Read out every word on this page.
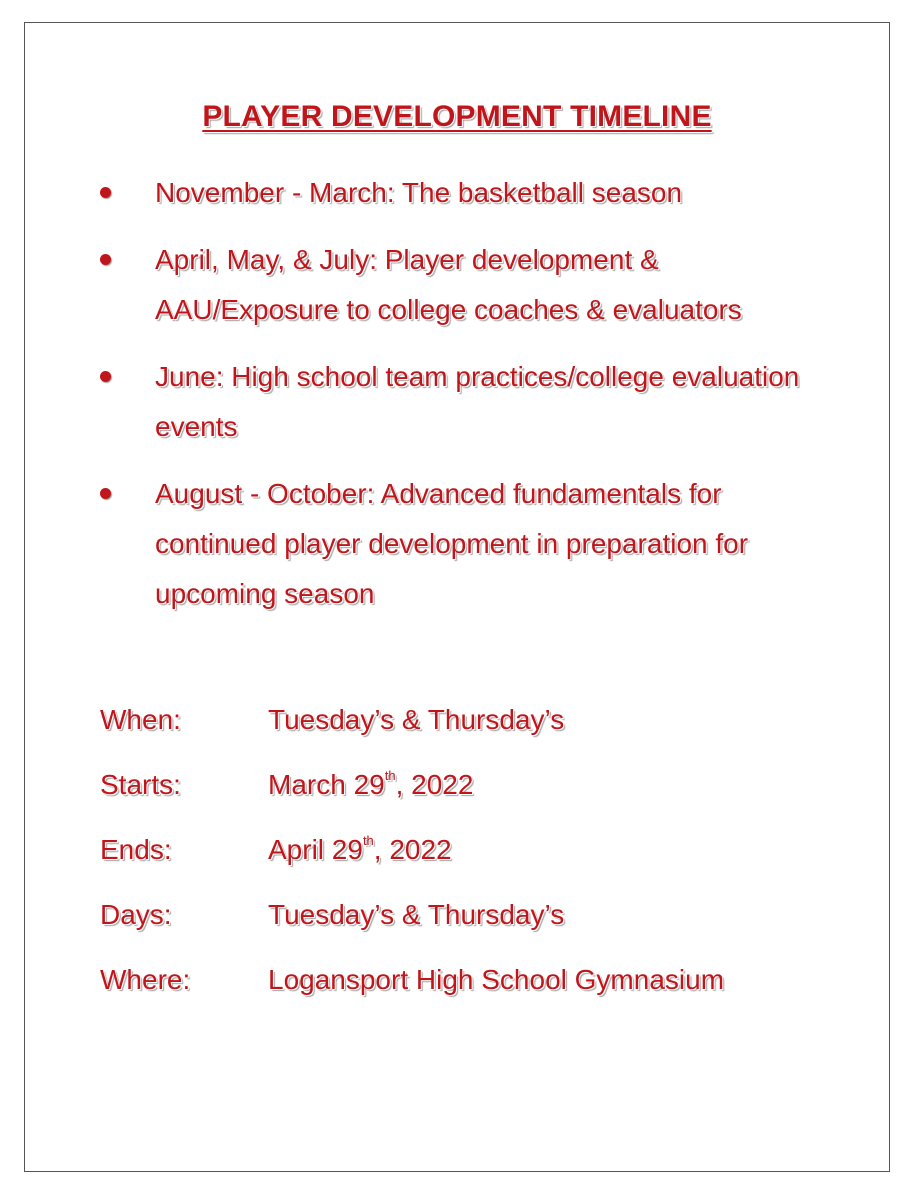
PLAYER DEVELOPMENT TIMELINE
November - March: The basketball season
April, May, & July: Player development & AAU/Exposure to college coaches & evaluators
June: High school team practices/college evaluation events
August - October: Advanced fundamentals for continued player development in preparation for upcoming season
When:	Tuesday’s & Thursday’s
Starts:	March 29th, 2022
Ends:	April 29th, 2022
Days:	Tuesday’s & Thursday’s
Where:	Logansport High School Gymnasium
